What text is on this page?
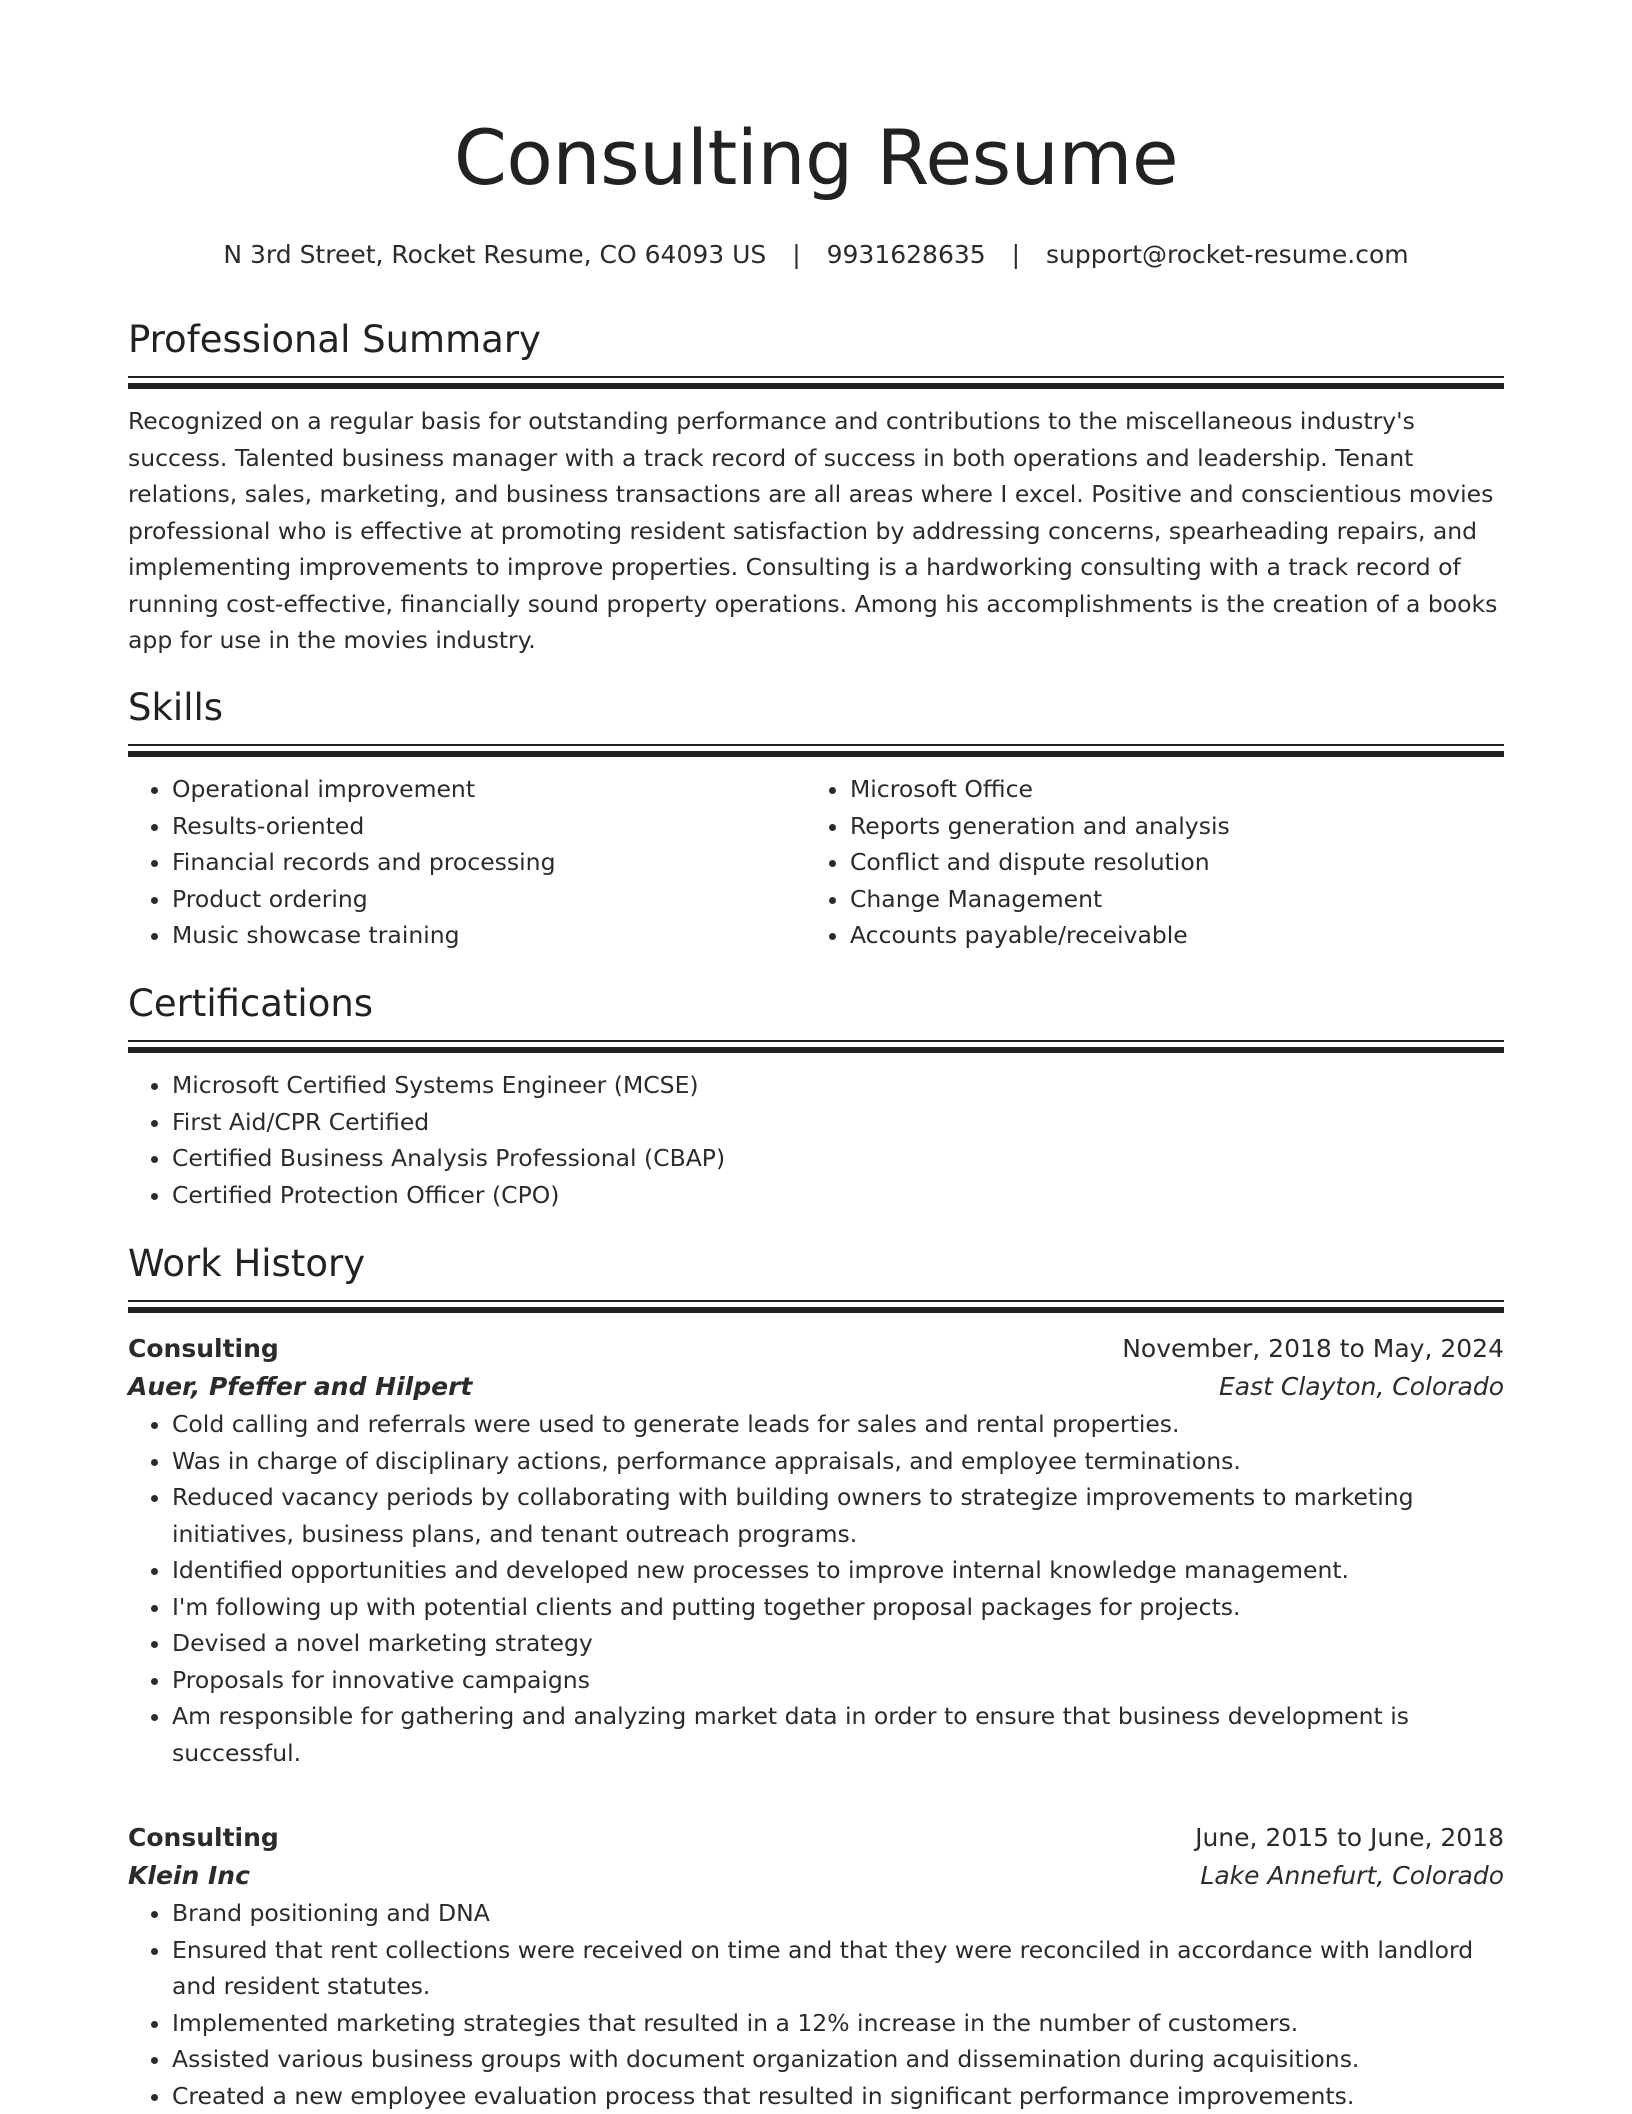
Consulting Resume
N 3rd Street, Rocket Resume, CO 64093 US | 9931628635 | support@rocket-resume.com
Professional Summary
Recognized on a regular basis for outstanding performance and contributions to the miscellaneous industry's success. Talented business manager with a track record of success in both operations and leadership. Tenant relations, sales, marketing, and business transactions are all areas where I excel. Positive and conscientious movies professional who is effective at promoting resident satisfaction by addressing concerns, spearheading repairs, and implementing improvements to improve properties. Consulting is a hardworking consulting with a track record of running cost-effective, financially sound property operations. Among his accomplishments is the creation of a books app for use in the movies industry.
Skills
• Operational improvement
• Results-oriented
• Financial records and processing
• Product ordering
• Music showcase training
• Microsoft Office
• Reports generation and analysis
• Conflict and dispute resolution
• Change Management
• Accounts payable/receivable
Certifications
• Microsoft Certified Systems Engineer (MCSE)
• First Aid/CPR Certified
• Certified Business Analysis Professional (CBAP)
• Certified Protection Officer (CPO)
Work History
Consulting	November, 2018 to May, 2024
Auer, Pfeffer and Hilpert	East Clayton, Colorado
• Cold calling and referrals were used to generate leads for sales and rental properties.
• Was in charge of disciplinary actions, performance appraisals, and employee terminations.
• Reduced vacancy periods by collaborating with building owners to strategize improvements to marketing initiatives, business plans, and tenant outreach programs.
• Identified opportunities and developed new processes to improve internal knowledge management.
• I'm following up with potential clients and putting together proposal packages for projects.
• Devised a novel marketing strategy
• Proposals for innovative campaigns
• Am responsible for gathering and analyzing market data in order to ensure that business development is successful.
Consulting	June, 2015 to June, 2018
Klein Inc	Lake Annefurt, Colorado
• Brand positioning and DNA
• Ensured that rent collections were received on time and that they were reconciled in accordance with landlord and resident statutes.
• Implemented marketing strategies that resulted in a 12% increase in the number of customers.
• Assisted various business groups with document organization and dissemination during acquisitions.
• Created a new employee evaluation process that resulted in significant performance improvements.
